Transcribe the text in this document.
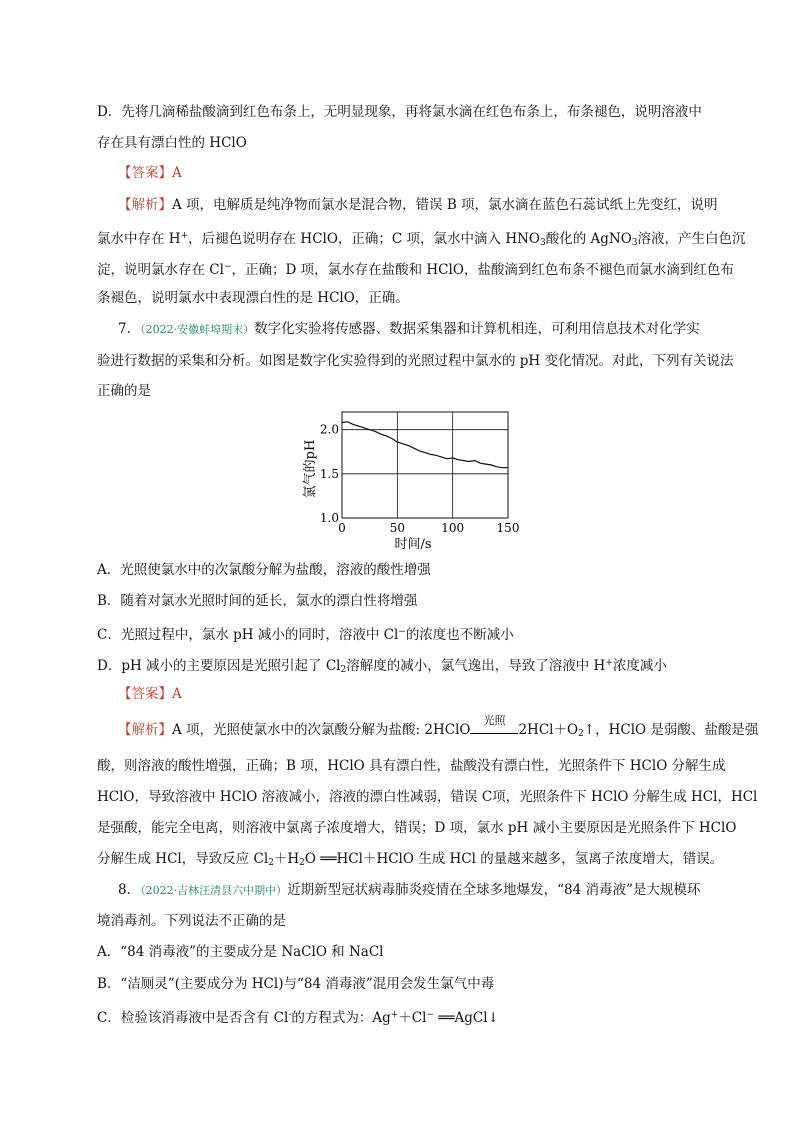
D．先将几滴稀盐酸滴到红色布条上，无明显现象，再将氯水滴在红色布条上，布条褪色，说明溶液中
存在具有漂白性的 HClO
【答案】A
【解析】A 项，电解质是纯净物而氯水是混合物，错误 B 项，氯水滴在蓝色石蕊试纸上先变红，说明
氯水中存在 H+，后褪色说明存在 HClO，正确；C 项，氯水中滴入 $HNO_3$酸化的 AgNO$_3$溶液，产生白色沉
淀，说明氯水存在 Cl−，正确；D 项，氯水存在盐酸和 HClO，盐酸滴到红色布条不褪色而氯水滴到红色布
条褪色，说明氯水中表现漂白性的是 HClO，正确。
7．（2022·安徽蚌埠期末）数字化实验将传感器、数据采集器和计算机相连，可利用信息技术对化学实
验进行数据的采集和分析。如图是数字化实验得到的光照过程中氯水的 pH 变化情况。对此，下列有关说法
正确的是
0	50	100	150
1.0
1.5
2.0
时间/s
氯气的pH
A．光照使氯水中的次氯酸分解为盐酸，溶液的酸性增强
B．随着对氯水光照时间的延长，氯水的漂白性将增强
C．光照过程中，氯水 pH 减小的同时，溶液中 Cl−的浓度也不断减小
D．pH 减小的主要原因是光照引起了 $Cl_2$溶解度的减小，氯气逸出，导致了溶液中 H+浓度减小
【答案】A
【解析】A 项，光照使氯水中的次氯酸分解为盐酸: 2HClO
光照
$2HCl+O_2↑$，HClO 是弱酸、盐酸是强
酸，则溶液的酸性增强，正确；B 项，HClO 具有漂白性，盐酸没有漂白性，光照条件下 HClO 分解生成
HClO，导致溶液中 HClO 溶液减小，溶液的漂白性减弱，错误 C项，光照条件下 HClO 分解生成 HCl，HCl
是强酸，能完全电离，则溶液中氯离子浓度增大，错误；D 项，氯水 pH 减小主要原因是光照条件下 HClO
分解生成 HCl，导致反应 $Cl_2+H_2O$ ══HCl＋HClO 生成 HCl 的量越来越多，氢离子浓度增大，错误。
8．（2022·吉林汪清县六中期中）近期新型冠状病毒肺炎疫情在全球多地爆发，“84 消毒液”是大规模环
境消毒剂。下列说法不正确的是
A．“84 消毒液”的主要成分是 NaClO 和 NaCl
B．“洁厕灵”(主要成分为 HCl)与“84 消毒液”混用会发生氯气中毒
C．检验该消毒液中是否含有 Cl-的方程式为：Ag+＋Cl− ══AgCl↓
